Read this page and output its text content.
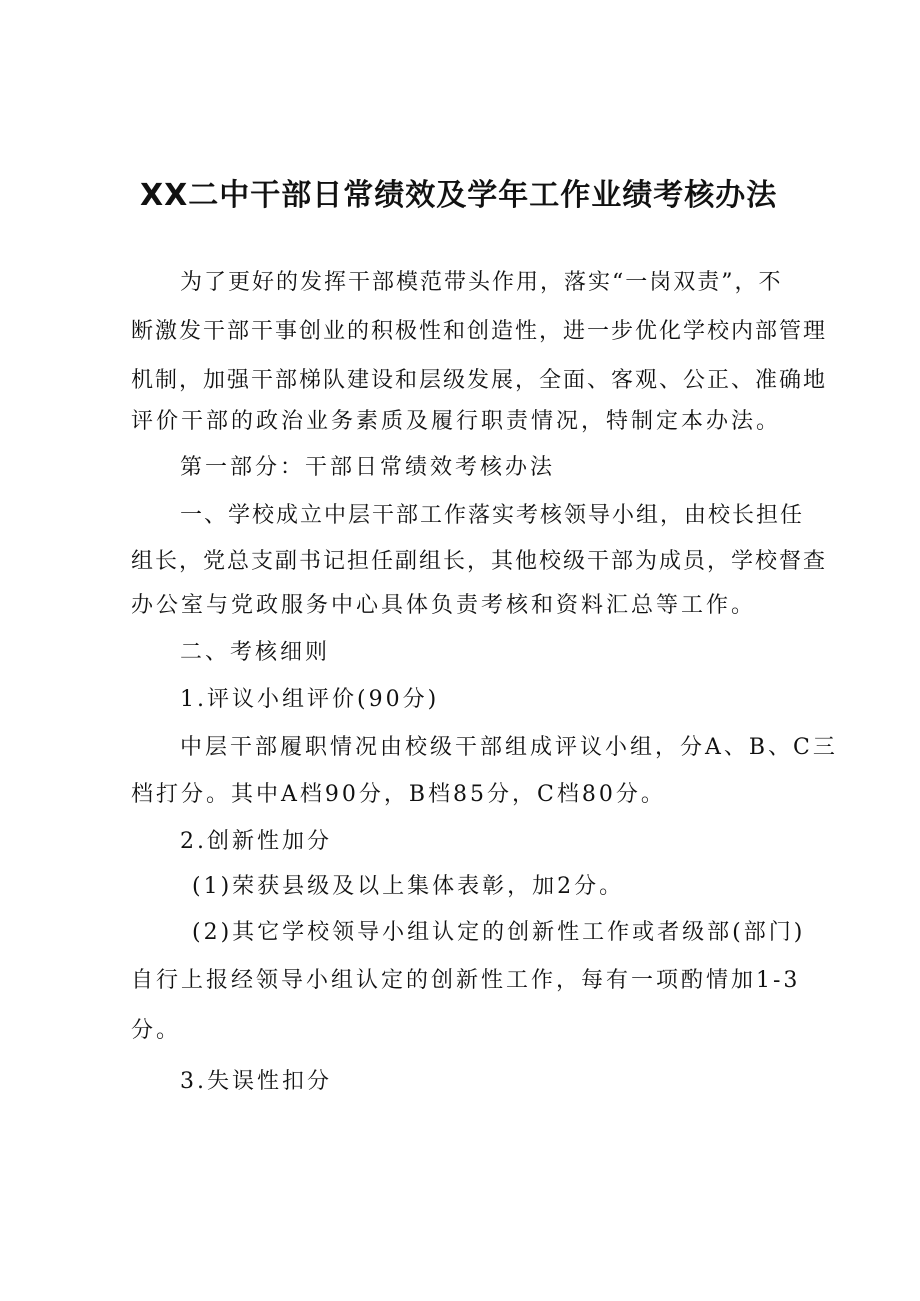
XX二中干部日常绩效及学年工作业绩考核办法
为了更好的发挥干部模范带头作用，落实“一岗双责”，不
断激发干部干事创业的积极性和创造性，进一步优化学校内部管理
机制，加强干部梯队建设和层级发展，全面、客观、公正、准确地
评价干部的政治业务素质及履行职责情况，特制定本办法。
第一部分：干部日常绩效考核办法
一、学校成立中层干部工作落实考核领导小组，由校长担任
组长，党总支副书记担任副组长，其他校级干部为成员，学校督查
办公室与党政服务中心具体负责考核和资料汇总等工作。
二、考核细则
1.评议小组评价(90分)
中层干部履职情况由校级干部组成评议小组，分A、B、C三
档打分。其中A档90分，B档85分，C档80分。
2.创新性加分
(1)荣获县级及以上集体表彰，加2分。
(2)其它学校领导小组认定的创新性工作或者级部(部门)
自行上报经领导小组认定的创新性工作，每有一项酌情加1-3
分。
3.失误性扣分
